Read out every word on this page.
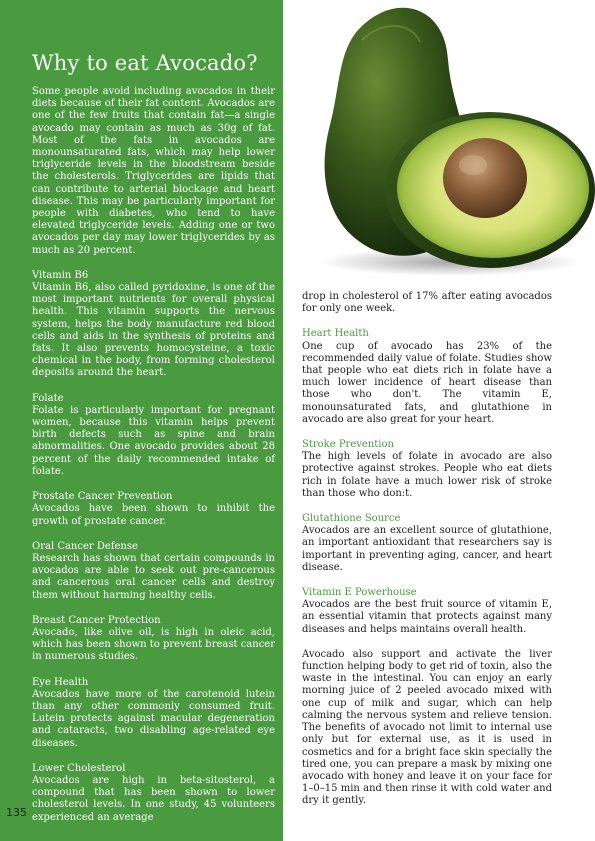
Why to eat Avocado?

Some people avoid including avocados in their diets because of their fat content. Avocados are one of the few fruits that contain fat—a single avocado may contain as much as 30g of fat. Most of the fats in avocados are monounsaturated fats, which may help lower triglyceride levels in the bloodstream beside the cholesterols. Triglycerides are lipids that can contribute to arterial blockage and heart disease. This may be particularly important for people with diabetes, who tend to have elevated triglyceride levels. Adding one or two avocados per day may lower triglycerides by as much as 20 percent.

Vitamin B6

Vitamin B6, also called pyridoxine, is one of the most important nutrients for overall physical health. This vitamin supports the nervous system, helps the body manufacture red blood cells and aids in the synthesis of proteins and fats. It also prevents homocysteine, a toxic chemical in the body, from forming cholesterol deposits around the heart.

Folate

Folate is particularly important for pregnant women, because this vitamin helps prevent birth defects such as spine and brain abnormalities. One avocado provides about 28 percent of the daily recommended intake of folate.

Prostate Cancer Prevention

Avocados have been shown to inhibit the growth of prostate cancer.

Oral Cancer Defense

Research has shown that certain compounds in avocados are able to seek out pre-cancerous and cancerous oral cancer cells and destroy them without harming healthy cells.

Breast Cancer Protection

Avocado, like olive oil, is high in oleic acid, which has been shown to prevent breast cancer in numerous studies.

Eye Health

Avocados have more of the carotenoid lutein than any other commonly consumed fruit. Lutein protects against macular degeneration and cataracts, two disabling age-related eye diseases.

Lower Cholesterol

Avocados are high in beta-sitosterol, a compound that has been shown to lower cholesterol levels. In one study, 45 volunteers experienced an average

135

drop in cholesterol of 17% after eating avocados for only one week.

Heart Health

One cup of avocado has 23% of the recommended daily value of folate. Studies show that people who eat diets rich in folate have a much lower incidence of heart disease than those who don't. The vitamin E, monounsaturated fats, and glutathione in avocado are also great for your heart.

Stroke Prevention

The high levels of folate in avocado are also protective against strokes. People who eat diets rich in folate have a much lower risk of stroke than those who don:t.

Glutathione Source

Avocados are an excellent source of glutathione, an important antioxidant that researchers say is important in preventing aging, cancer, and heart disease.

Vitamin E Powerhouse

Avocados are the best fruit source of vitamin E, an essential vitamin that protects against many diseases and helps maintains overall health.

Avocado also support and activate the liver function helping body to get rid of toxin, also the waste in the intestinal. You can enjoy an early morning juice of 2 peeled avocado mixed with one cup of milk and sugar, which can help calming the nervous system and relieve tension. The benefits of avocado not limit to internal use only but for external use, as it is used in cosmetics and for a bright face skin specially the tired one, you can prepare a mask by mixing one avocado with honey and leave it on your face for 1–0–15 min and then rinse it with cold water and dry it gently.
